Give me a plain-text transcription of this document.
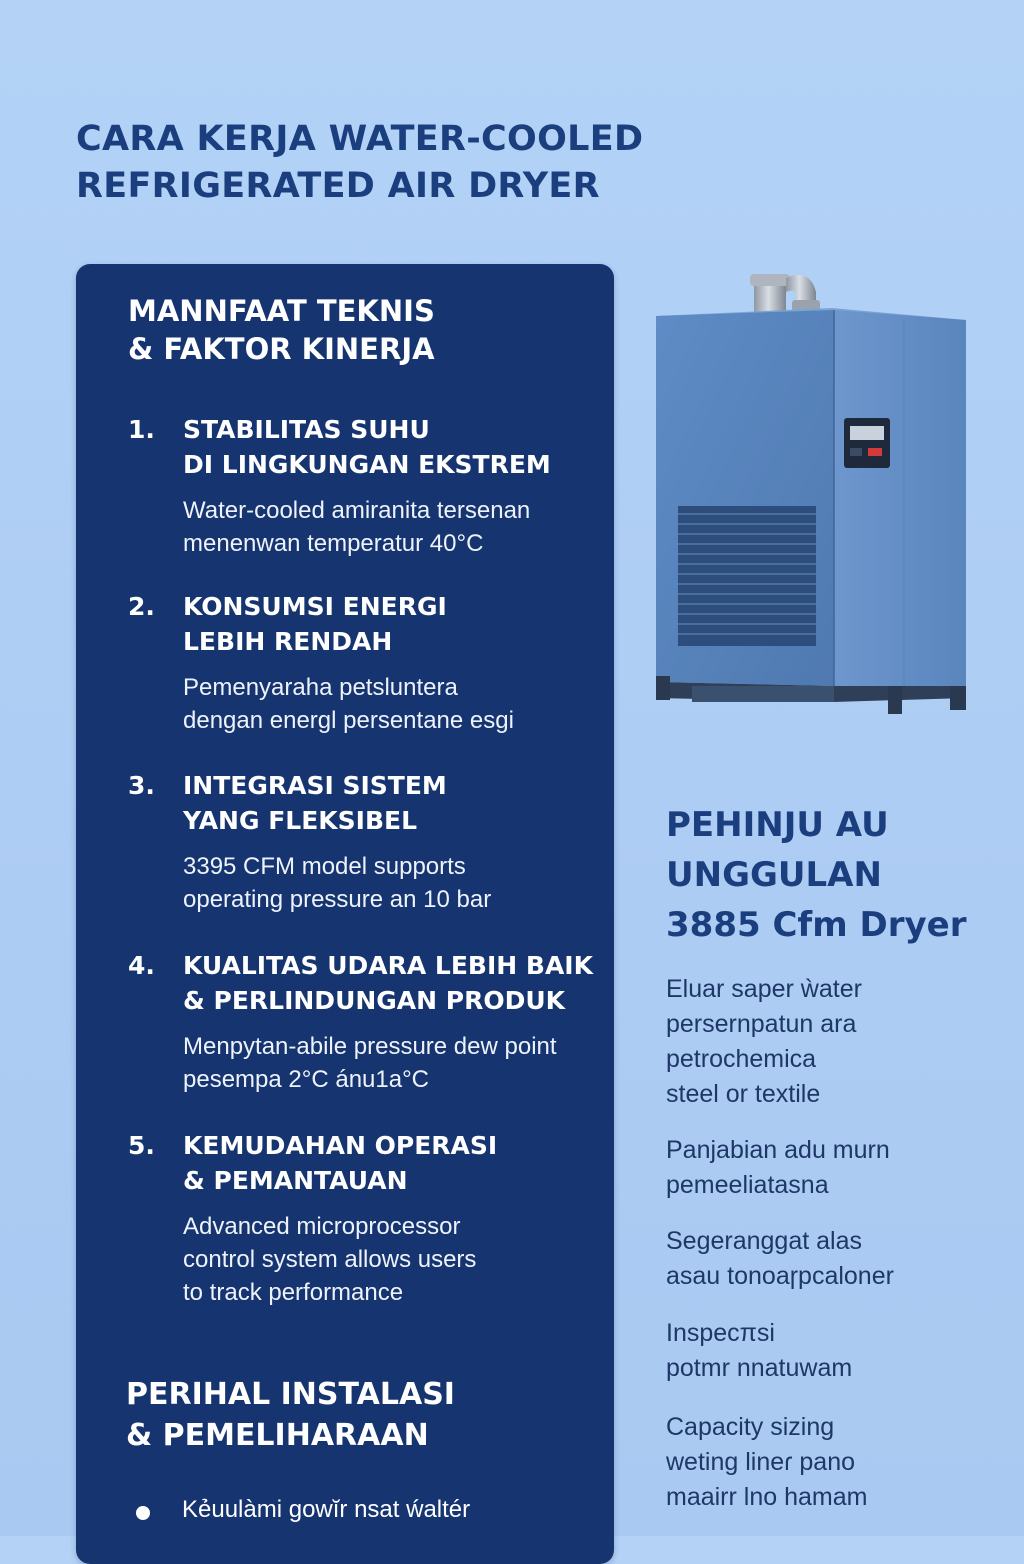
CARA KERJA WATER-COOLED
REFRIGERATED AIR DRYER
MANNFAAT TEKNIS
& FAKTOR KINERJA
1. STABILITAS SUHU
DI LINGKUNGAN EKSTREM

Water-cooled amiranita tersenan
menenwan temperatur 40°C

2. KONSUMSI ENERGI
LEBIH RENDAH

Pemenyaraha petsluntera
dengan energl persentane esgi

3. INTEGRASI SISTEM
YANG FLEKSIBEL

3395 CFM model supports
operating pressure an 10 bar

4. KUALITAS UDARA LEBIH BAIK
& PERLINDUNGAN PRODUK

Menpytan-abile pressure dew point
pesempa 2°C ánu1a°C

5. KEMUDAHAN OPERASI
& PEMANTAUAN

Advanced microprocessor
control system allows users
to track performance

PERIHAL INSTALASI
& PEMELIHARAAN
Kẻuulàmi gowĭr nsat ẃaltér
PEHINJU AU
UNGGULAN
3885 Cfm Dryer

Eluar saper ẁater
persernpatun ara
petrochemica
steel or textile

Panjabian adu murn
pemeeliatasna

Segeranggat alas
asau tonoaɼpcaloner

Inspecπsi
potmr nnatuᴡam

Capacity sizing
weting lineɾ pano
maairr lno hamam
